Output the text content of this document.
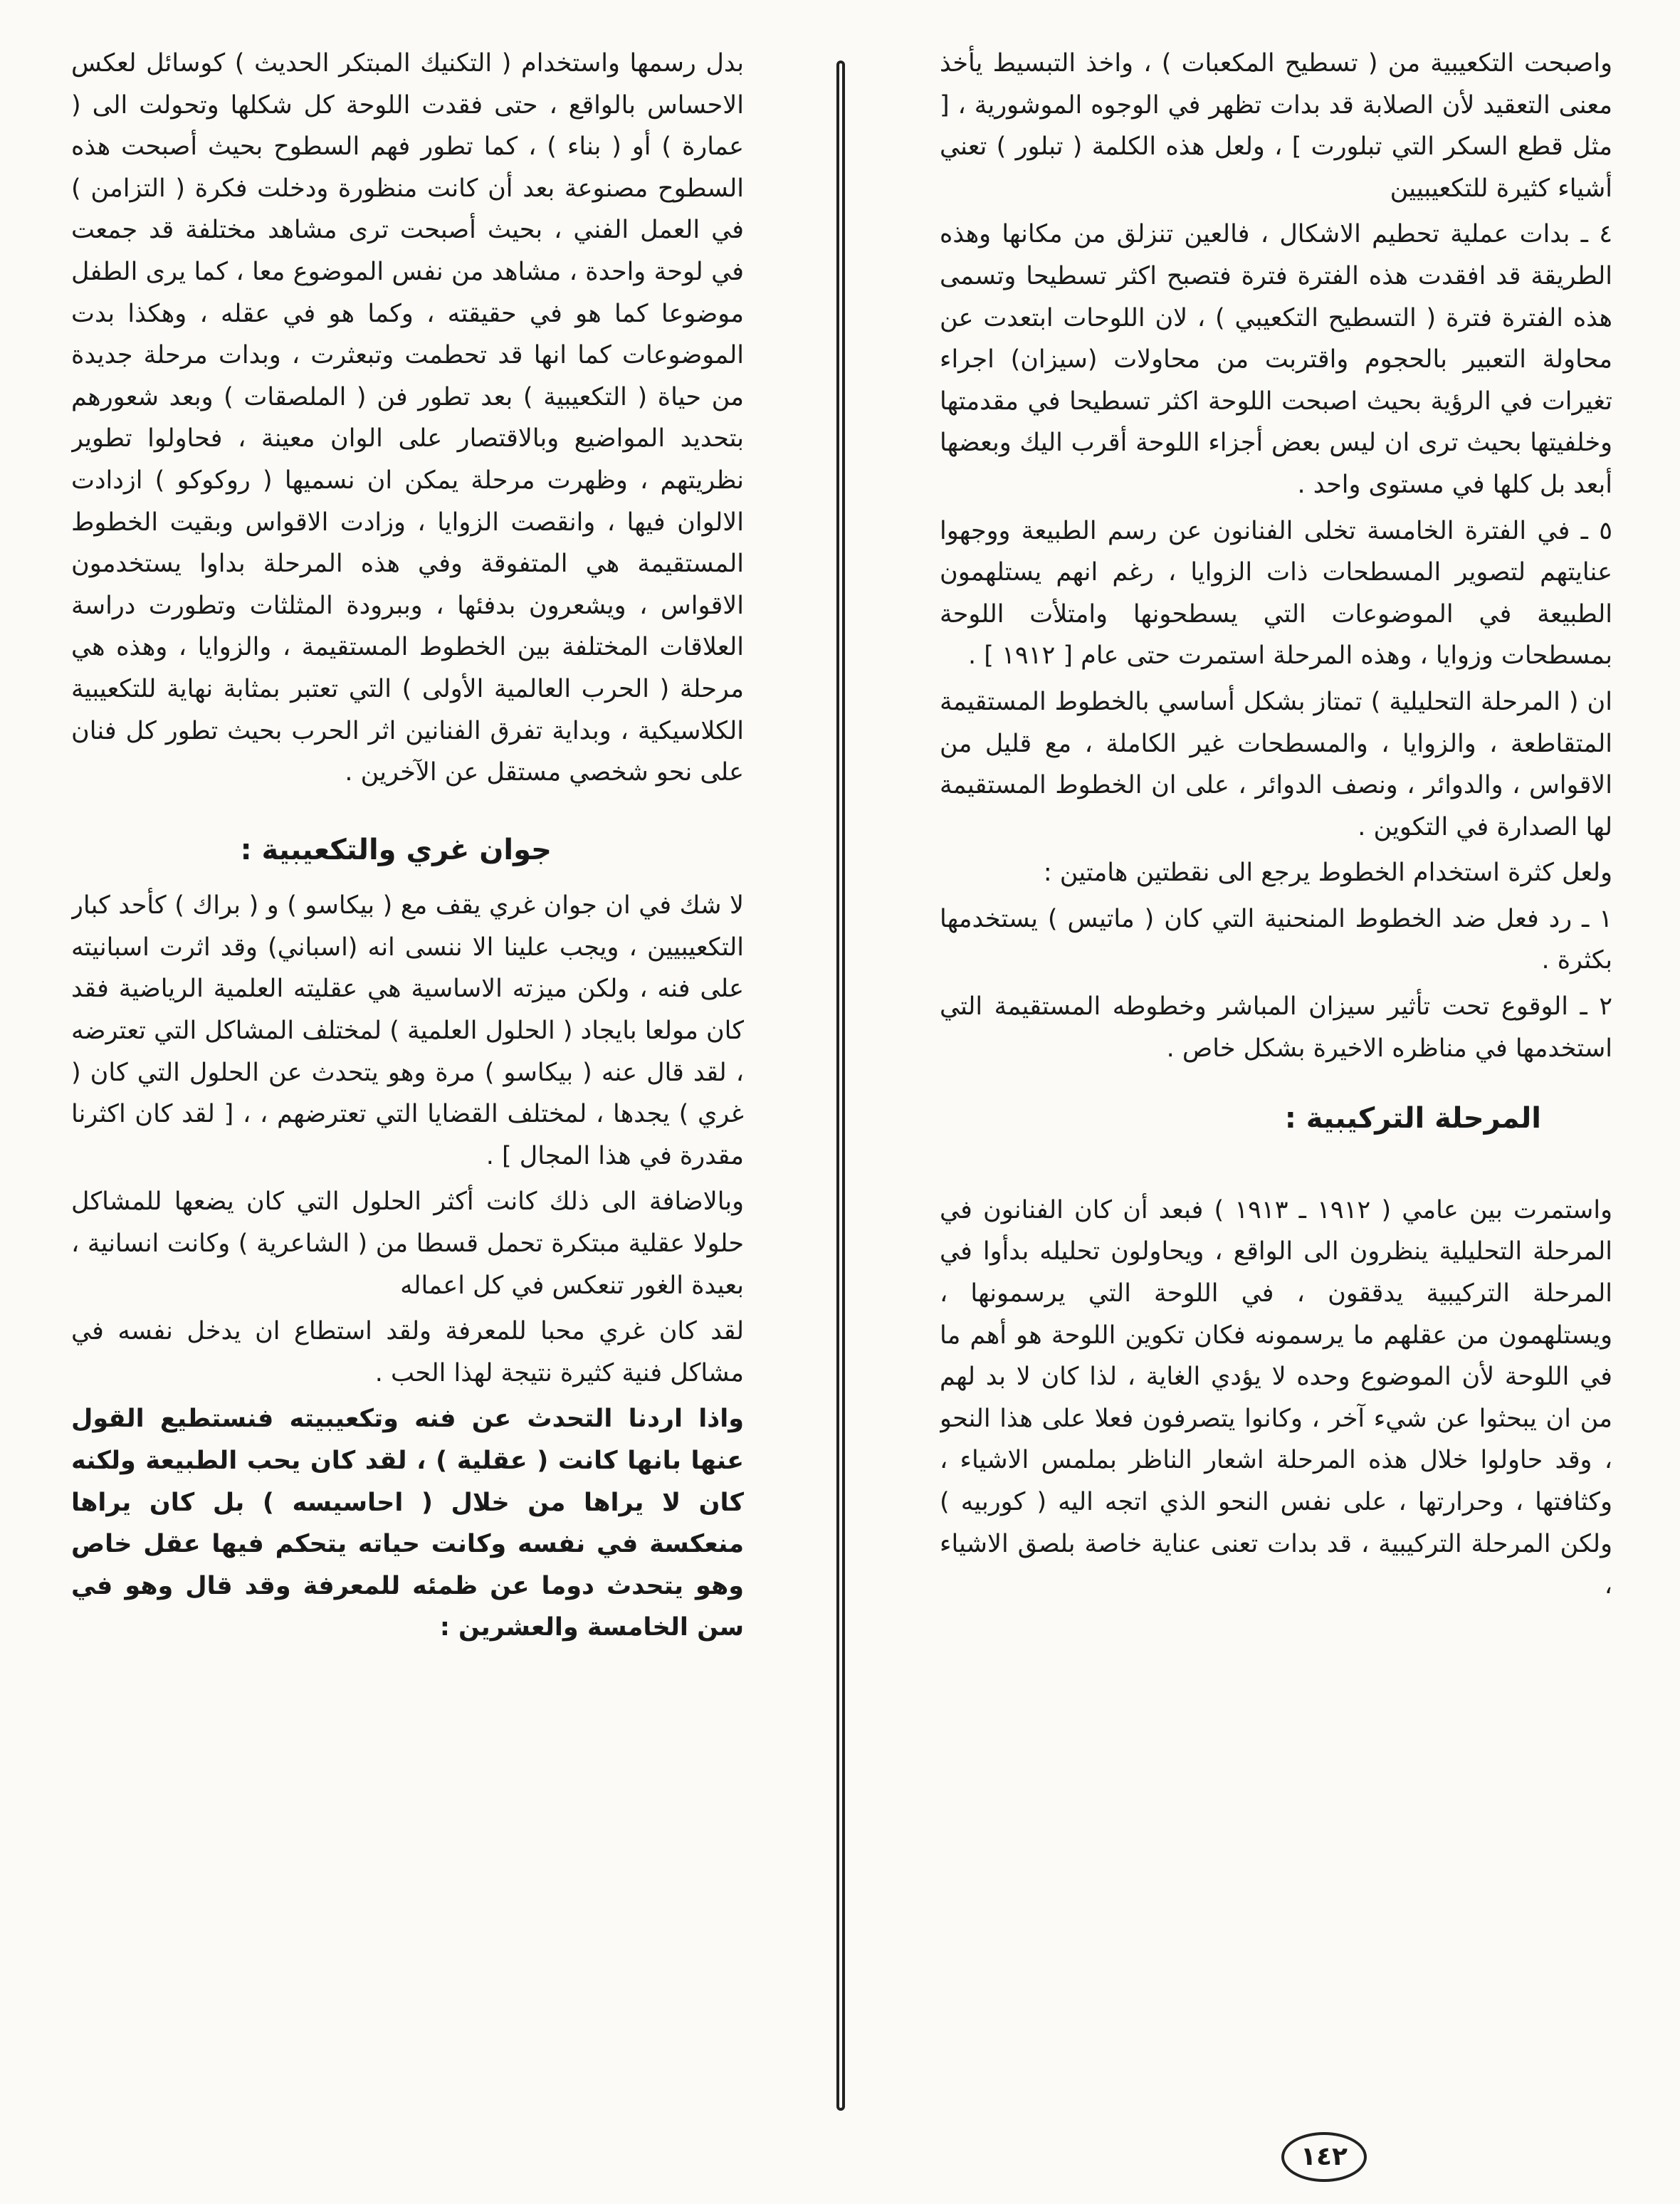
واصبحت التكعيبية من ( تسطيح المكعبات ) ، واخذ التبسيط يأخذ معنى التعقيد لأن الصلابة قد بدات تظهر في الوجوه الموشورية ، [ مثل قطع السكر التي تبلورت ] ، ولعل هذه الكلمة ( تبلور ) تعني أشياء كثيرة للتكعيبيين

٤ ـ بدات عملية تحطيم الاشكال ، فالعين تنزلق من مكانها وهذه الطريقة قد افقدت هذه الفترة فترة فتصبح اكثر تسطيحا وتسمى هذه الفترة فترة ( التسطيح التكعيبي ) ، لان اللوحات ابتعدت عن محاولة التعبير بالحجوم واقتربت من محاولات (سيزان) اجراء تغيرات في الرؤية بحيث اصبحت اللوحة اكثر تسطيحا في مقدمتها وخلفيتها بحيث ترى ان ليس بعض أجزاء اللوحة أقرب اليك وبعضها أبعد بل كلها في مستوى واحد .

٥ ـ في الفترة الخامسة تخلى الفنانون عن رسم الطبيعة ووجهوا عنايتهم لتصوير المسطحات ذات الزوايا ، رغم انهم يستلهمون الطبيعة في الموضوعات التي يسطحونها وامتلأت اللوحة بمسطحات وزوايا ، وهذه المرحلة استمرت حتى عام [ ١٩١٢ ] .

ان ( المرحلة التحليلية ) تمتاز بشكل أساسي بالخطوط المستقيمة المتقاطعة ، والزوايا ، والمسطحات غير الكاملة ، مع قليل من الاقواس ، والدوائر ، ونصف الدوائر ، على ان الخطوط المستقيمة لها الصدارة في التكوين .

ولعل كثرة استخدام الخطوط يرجع الى نقطتين هامتين :

١ ـ رد فعل ضد الخطوط المنحنية التي كان ( ماتيس ) يستخدمها بكثرة .

٢ ـ الوقوع تحت تأثير سيزان المباشر وخطوطه المستقيمة التي استخدمها في مناظره الاخيرة بشكل خاص .

المرحلة التركيبية :

واستمرت بين عامي ( ١٩١٢ ـ ١٩١٣ ) فبعد أن كان الفنانون في المرحلة التحليلية ينظرون الى الواقع ، ويحاولون تحليله بدأوا في المرحلة التركيبية يدققون ، في اللوحة التي يرسمونها ، ويستلهمون من عقلهم ما يرسمونه فكان تكوين اللوحة هو أهم ما في اللوحة لأن الموضوع وحده لا يؤدي الغاية ، لذا كان لا بد لهم من ان يبحثوا عن شيء آخر ، وكانوا يتصرفون فعلا على هذا النحو ، وقد حاولوا خلال هذه المرحلة اشعار الناظر بملمس الاشياء ، وكثافتها ، وحرارتها ، على نفس النحو الذي اتجه اليه ( كوربيه ) ولكن المرحلة التركيبية ، قد بدات تعنى عناية خاصة بلصق الاشياء ،

بدل رسمها واستخدام ( التكنيك المبتكر الحديث ) كوسائل لعكس الاحساس بالواقع ، حتى فقدت اللوحة كل شكلها وتحولت الى ( عمارة ) أو ( بناء ) ، كما تطور فهم السطوح بحيث أصبحت هذه السطوح مصنوعة بعد أن كانت منظورة ودخلت فكرة ( التزامن ) في العمل الفني ، بحيث أصبحت ترى مشاهد مختلفة قد جمعت في لوحة واحدة ، مشاهد من نفس الموضوع معا ، كما يرى الطفل موضوعا كما هو في حقيقته ، وكما هو في عقله ، وهكذا بدت الموضوعات كما انها قد تحطمت وتبعثرت ، وبدات مرحلة جديدة من حياة ( التكعيبية ) بعد تطور فن ( الملصقات ) وبعد شعورهم بتحديد المواضيع وبالاقتصار على الوان معينة ، فحاولوا تطوير نظريتهم ، وظهرت مرحلة يمكن ان نسميها ( روكوكو ) ازدادت الالوان فيها ، وانقصت الزوايا ، وزادت الاقواس وبقيت الخطوط المستقيمة هي المتفوقة وفي هذه المرحلة بداوا يستخدمون الاقواس ، ويشعرون بدفئها ، وببرودة المثلثات وتطورت دراسة العلاقات المختلفة بين الخطوط المستقيمة ، والزوايا ، وهذه هي مرحلة ( الحرب العالمية الأولى ) التي تعتبر بمثابة نهاية للتكعيبية الكلاسيكية ، وبداية تفرق الفنانين اثر الحرب بحيث تطور كل فنان على نحو شخصي مستقل عن الآخرين .

جوان غري والتكعيبية :

لا شك في ان جوان غري يقف مع ( بيكاسو ) و ( براك ) كأحد كبار التكعيبيين ، ويجب علينا الا ننسى انه (اسباني) وقد اثرت اسبانيته على فنه ، ولكن ميزته الاساسية هي عقليته العلمية الرياضية فقد كان مولعا بايجاد ( الحلول العلمية ) لمختلف المشاكل التي تعترضه ، لقد قال عنه ( بيكاسو ) مرة وهو يتحدث عن الحلول التي كان ( غري ) يجدها ، لمختلف القضايا التي تعترضهم ، ، [ لقد كان اكثرنا مقدرة في هذا المجال ] .

وبالاضافة الى ذلك كانت أكثر الحلول التي كان يضعها للمشاكل حلولا عقلية مبتكرة تحمل قسطا من ( الشاعرية ) وكانت انسانية ، بعيدة الغور تنعكس في كل اعماله

لقد كان غري محبا للمعرفة ولقد استطاع ان يدخل نفسه في مشاكل فنية كثيرة نتيجة لهذا الحب .

واذا اردنا التحدث عن فنه وتكعيبيته فنستطيع القول عنها بانها كانت ( عقلية ) ، لقد كان يحب الطبيعة ولكنه كان لا يراها من خلال ( احاسيسه ) بل كان يراها منعكسة في نفسه وكانت حياته يتحكم فيها عقل خاص وهو يتحدث دوما عن ظمئه للمعرفة وقد قال وهو في سن الخامسة والعشرين :

١٤٢
